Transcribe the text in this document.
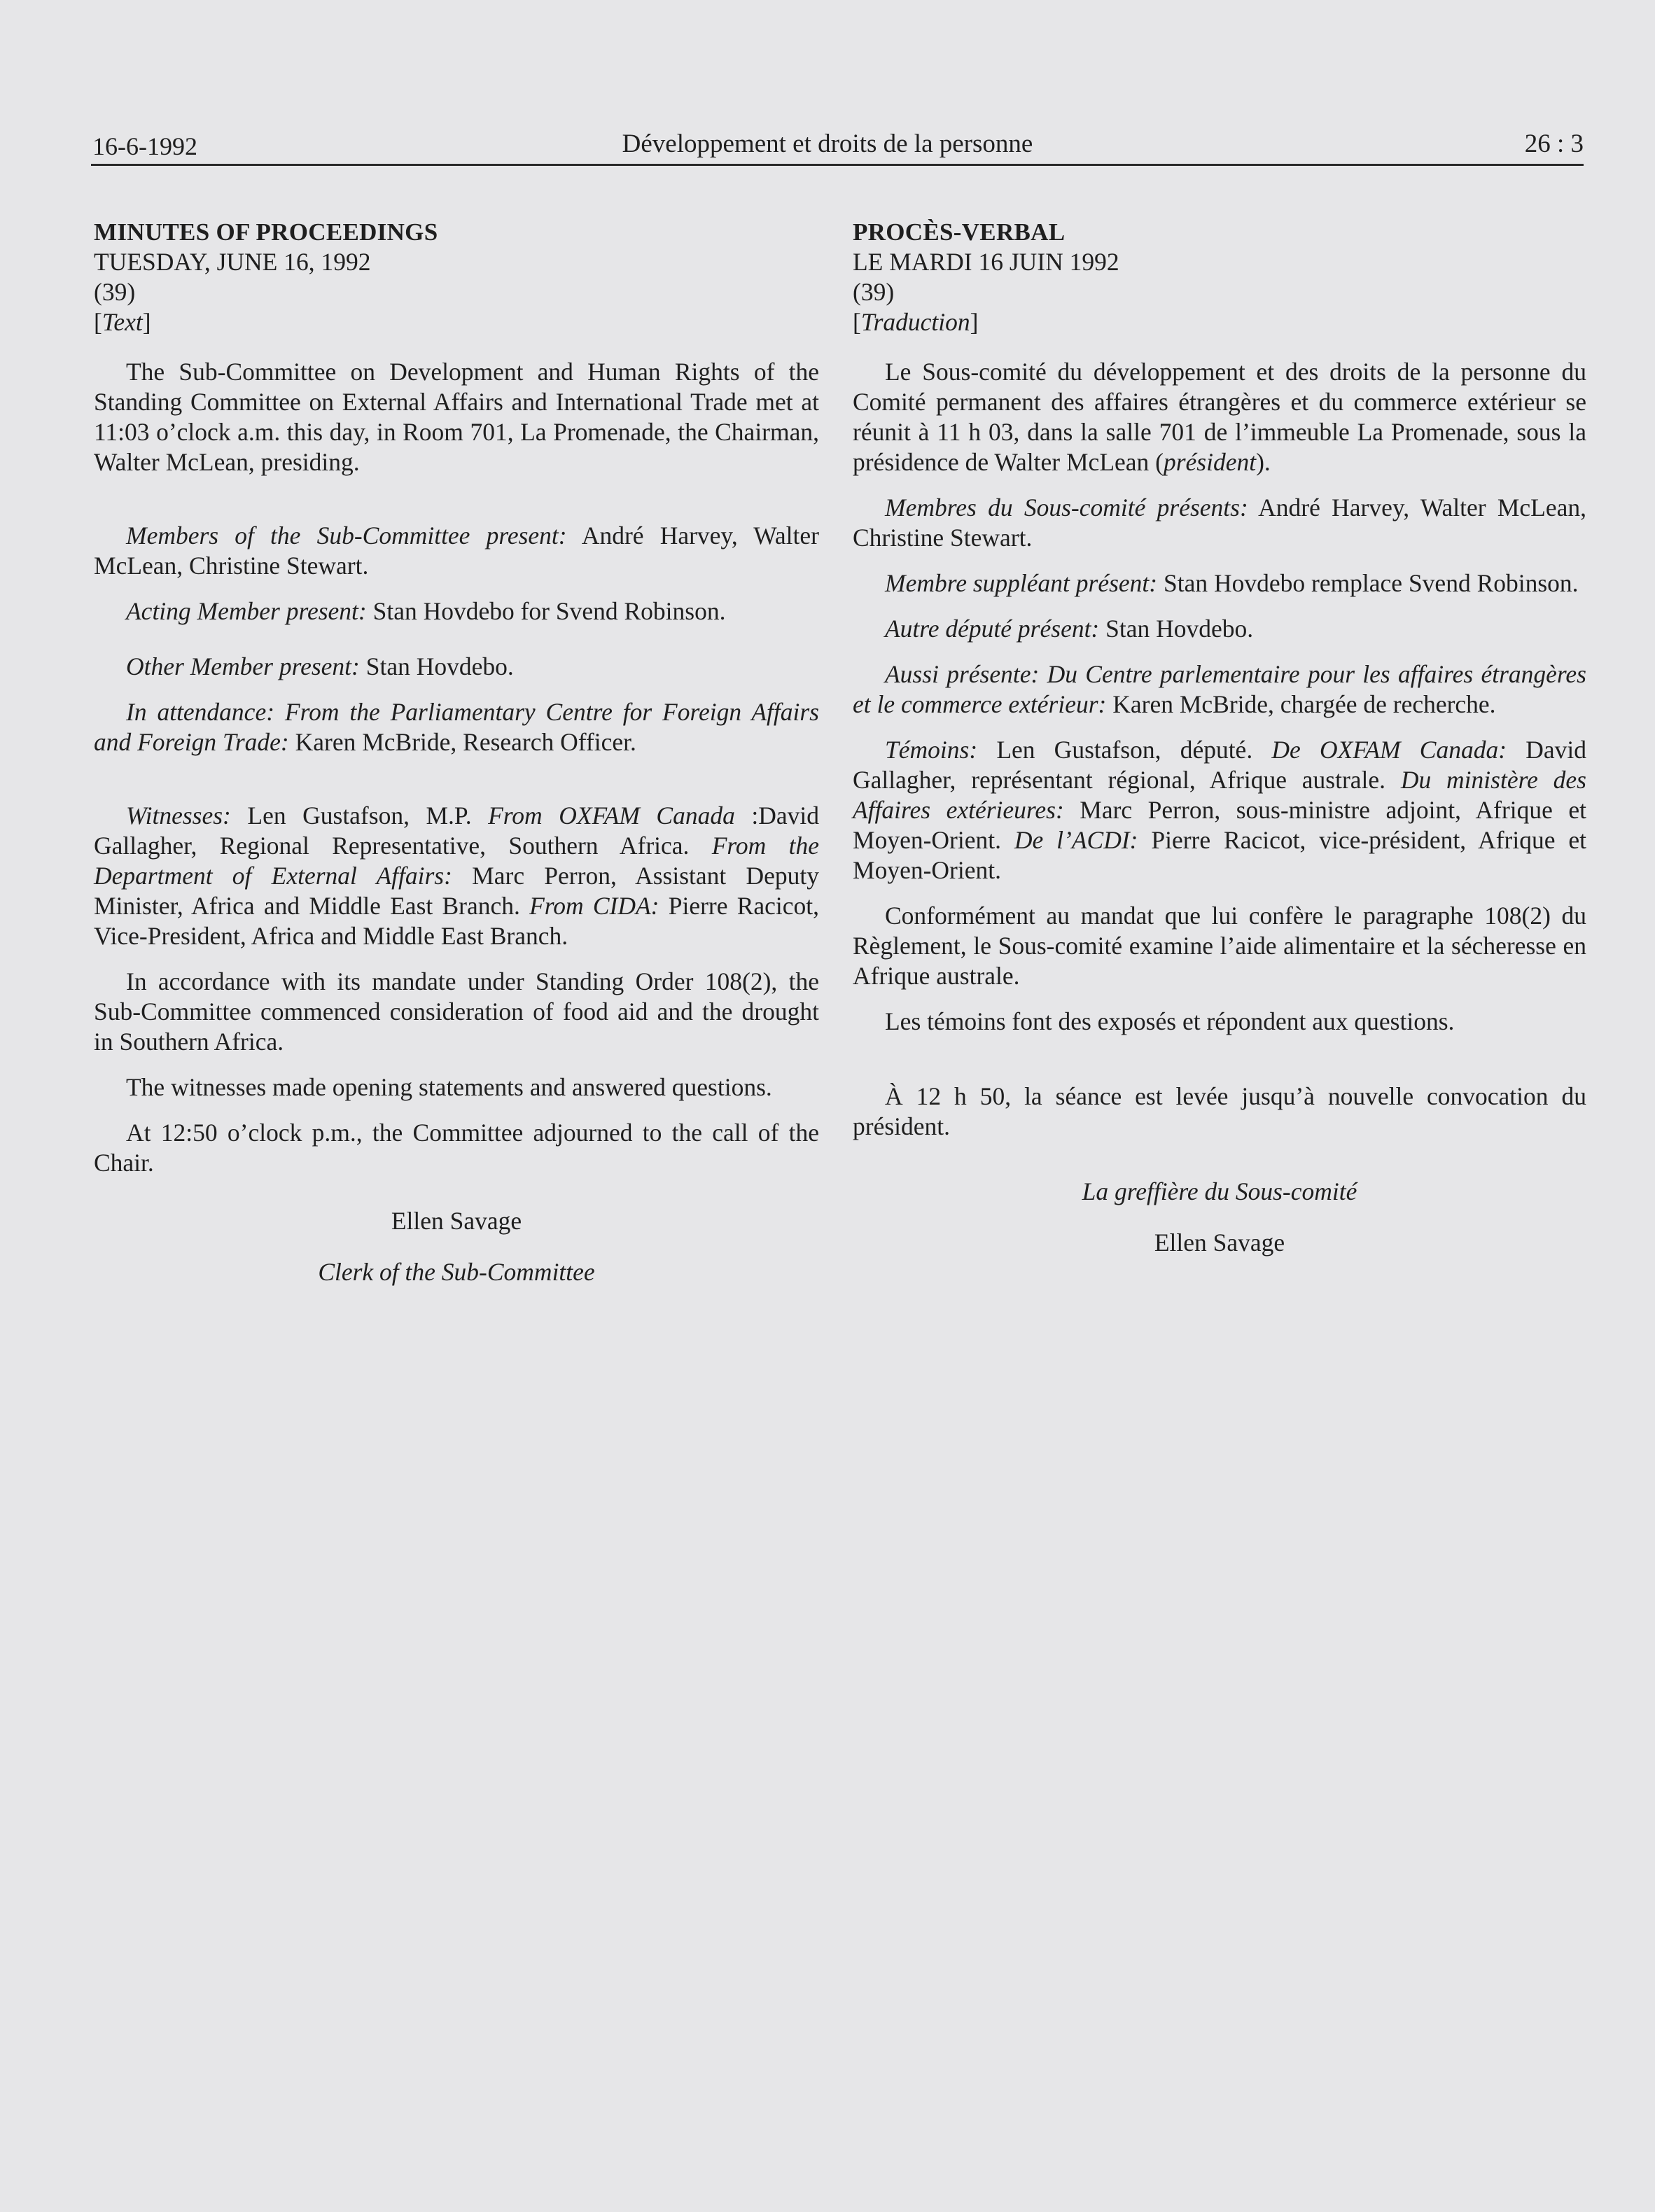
16-6-1992	Développement et droits de la personne	26 : 3

MINUTES OF PROCEEDINGS

TUESDAY, JUNE 16, 1992

(39)

[Text]

The Sub-Committee on Development and Human Rights of the Standing Committee on External Affairs and International Trade met at 11:03 o’clock a.m. this day, in Room 701, La Promenade, the Chairman, Walter McLean, presiding.

Members of the Sub-Committee present: André Harvey, Walter McLean, Christine Stewart.

Acting Member present: Stan Hovdebo for Svend Robinson.

Other Member present: Stan Hovdebo.

In attendance: From the Parliamentary Centre for Foreign Affairs and Foreign Trade: Karen McBride, Research Officer.

Witnesses: Len Gustafson, M.P. From OXFAM Canada :David Gallagher, Regional Representative, Southern Africa. From the Department of External Affairs: Marc Perron, Assistant Deputy Minister, Africa and Middle East Branch. From CIDA: Pierre Racicot, Vice-President, Africa and Middle East Branch.

In accordance with its mandate under Standing Order 108(2), the Sub-Committee commenced consideration of food aid and the drought in Southern Africa.

The witnesses made opening statements and answered questions.

At 12:50 o’clock p.m., the Committee adjourned to the call of the Chair.

Ellen Savage

Clerk of the Sub-Committee

PROCÈS-VERBAL

LE MARDI 16 JUIN 1992

(39)

[Traduction]

Le Sous-comité du développement et des droits de la personne du Comité permanent des affaires étrangères et du commerce extérieur se réunit à 11 h 03, dans la salle 701 de l’immeuble La Promenade, sous la présidence de Walter McLean (président).

Membres du Sous-comité présents: André Harvey, Walter McLean, Christine Stewart.

Membre suppléant présent: Stan Hovdebo remplace Svend Robinson.

Autre député présent: Stan Hovdebo.

Aussi présente: Du Centre parlementaire pour les affaires étrangères et le commerce extérieur: Karen McBride, chargée de recherche.

Témoins: Len Gustafson, député. De OXFAM Canada: David Gallagher, représentant régional, Afrique australe. Du ministère des Affaires extérieures: Marc Perron, sous-ministre adjoint, Afrique et Moyen-Orient. De l’ACDI: Pierre Racicot, vice-président, Afrique et Moyen-Orient.

Conformément au mandat que lui confère le paragraphe 108(2) du Règlement, le Sous-comité examine l’aide alimentaire et la sécheresse en Afrique australe.

Les témoins font des exposés et répondent aux questions.

À 12 h 50, la séance est levée jusqu’à nouvelle convocation du président.

La greffière du Sous-comité

Ellen Savage
